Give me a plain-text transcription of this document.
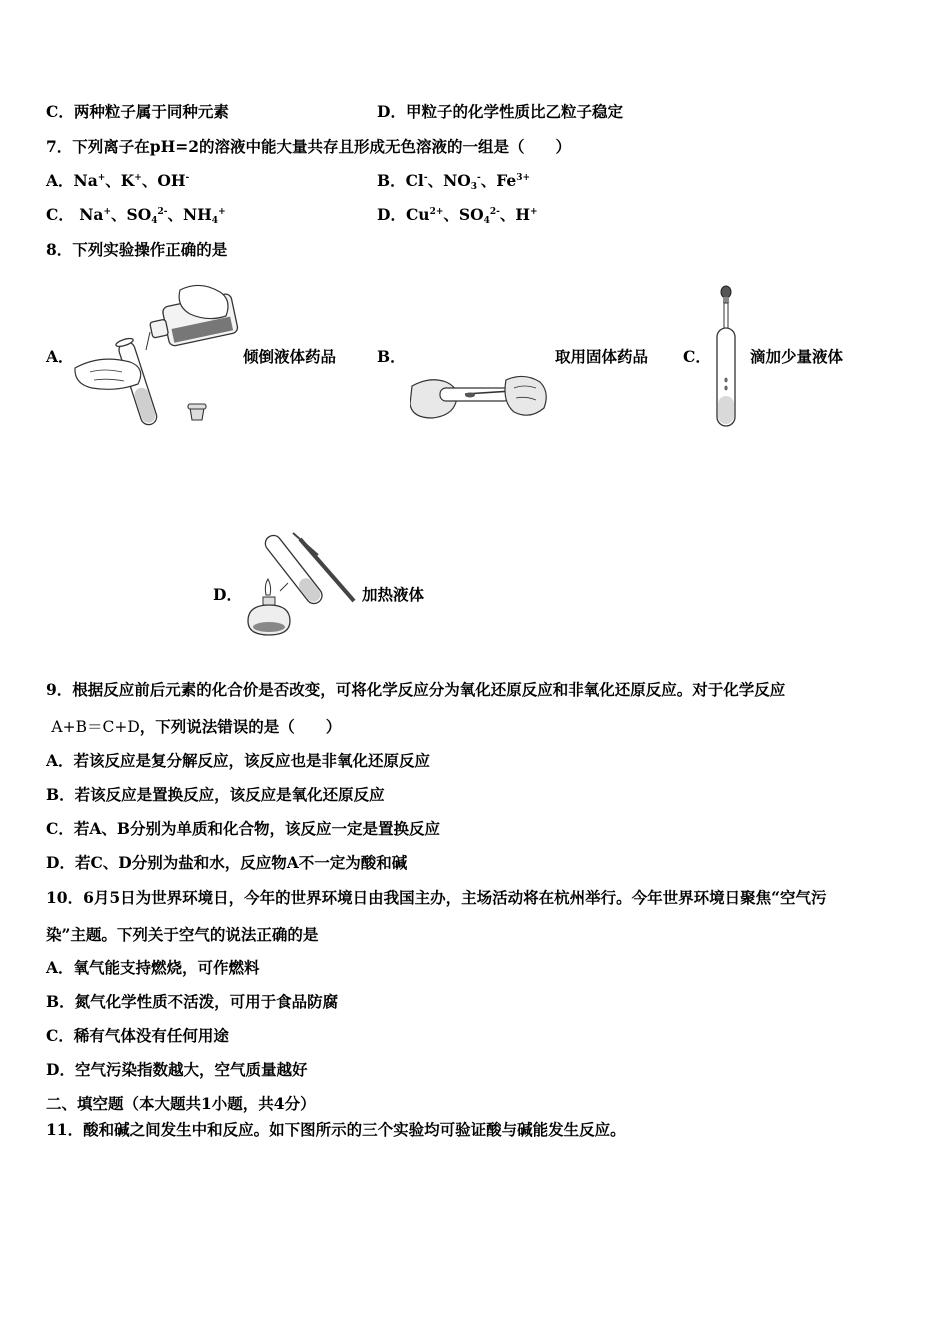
C．两种粒子属于同种元素	D．甲粒子的化学性质比乙粒子稳定
7．下列离子在pH=2的溶液中能大量共存且形成无色溶液的一组是（　　）
A．Na+、K+、OH-	B．Cl-、$NO_3^-$、$Fe^{3+}$
C． Na+、$SO_4^{2-}$、$NH_4^+$	D．$Cu^{2+}$、$SO_4^{2-}$、H+
8．下列实验操作正确的是
A．	倾倒液体药品	B．	取用固体药品 C．	滴加少量液体
D．	加热液体
9．根据反应前后元素的化合价是否改变，可将化学反应分为氧化还原反应和非氧化还原反应。对于化学反应
A+B＝C+D，下列说法错误的是（　　）
A．若该反应是复分解反应，该反应也是非氧化还原反应
B．若该反应是置换反应，该反应是氧化还原反应
C．若A、B分别为单质和化合物，该反应一定是置换反应
D．若C、D分别为盐和水，反应物A不一定为酸和碱
10．6月5日为世界环境日，今年的世界环境日由我国主办，主场活动将在杭州举行。今年世界环境日聚焦“空气污
染”主题。下列关于空气的说法正确的是
A．氧气能支持燃烧，可作燃料
B．氮气化学性质不活泼，可用于食品防腐
C．稀有气体没有任何用途
D．空气污染指数越大，空气质量越好
二、填空题（本大题共1小题，共4分）
11．酸和碱之间发生中和反应。如下图所示的三个实验均可验证酸与碱能发生反应。
